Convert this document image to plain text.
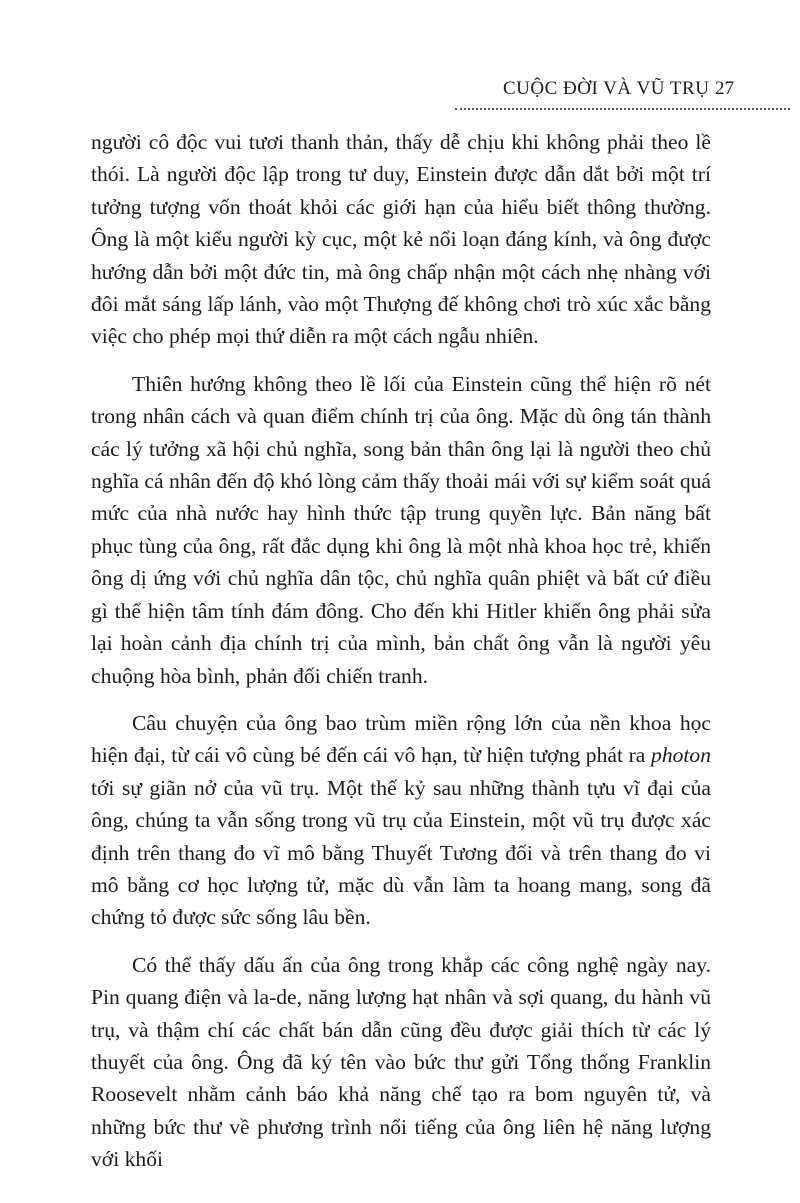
CUỘC ĐỜI VÀ VŨ TRỤ 27

người cô độc vui tươi thanh thản, thấy dễ chịu khi không phải theo lề thói. Là người độc lập trong tư duy, Einstein được dẫn dắt bởi một trí tưởng tượng vốn thoát khỏi các giới hạn của hiểu biết thông thường. Ông là một kiểu người kỳ cục, một kẻ nổi loạn đáng kính, và ông được hướng dẫn bởi một đức tin, mà ông chấp nhận một cách nhẹ nhàng với đôi mắt sáng lấp lánh, vào một Thượng đế không chơi trò xúc xắc bằng việc cho phép mọi thứ diễn ra một cách ngẫu nhiên.

Thiên hướng không theo lề lối của Einstein cũng thể hiện rõ nét trong nhân cách và quan điểm chính trị của ông. Mặc dù ông tán thành các lý tưởng xã hội chủ nghĩa, song bản thân ông lại là người theo chủ nghĩa cá nhân đến độ khó lòng cảm thấy thoải mái với sự kiểm soát quá mức của nhà nước hay hình thức tập trung quyền lực. Bản năng bất phục tùng của ông, rất đắc dụng khi ông là một nhà khoa học trẻ, khiến ông dị ứng với chủ nghĩa dân tộc, chủ nghĩa quân phiệt và bất cứ điều gì thể hiện tâm tính đám đông. Cho đến khi Hitler khiến ông phải sửa lại hoàn cảnh địa chính trị của mình, bản chất ông vẫn là người yêu chuộng hòa bình, phản đối chiến tranh.

Câu chuyện của ông bao trùm miền rộng lớn của nền khoa học hiện đại, từ cái vô cùng bé đến cái vô hạn, từ hiện tượng phát ra photon tới sự giãn nở của vũ trụ. Một thế kỷ sau những thành tựu vĩ đại của ông, chúng ta vẫn sống trong vũ trụ của Einstein, một vũ trụ được xác định trên thang đo vĩ mô bằng Thuyết Tương đối và trên thang đo vi mô bằng cơ học lượng tử, mặc dù vẫn làm ta hoang mang, song đã chứng tỏ được sức sống lâu bền.

Có thể thấy dấu ấn của ông trong khắp các công nghệ ngày nay. Pin quang điện và la-de, năng lượng hạt nhân và sợi quang, du hành vũ trụ, và thậm chí các chất bán dẫn cũng đều được giải thích từ các lý thuyết của ông. Ông đã ký tên vào bức thư gửi Tổng thống Franklin Roosevelt nhằm cảnh báo khả năng chế tạo ra bom nguyên tử, và những bức thư về phương trình nổi tiếng của ông liên hệ năng lượng với khối
